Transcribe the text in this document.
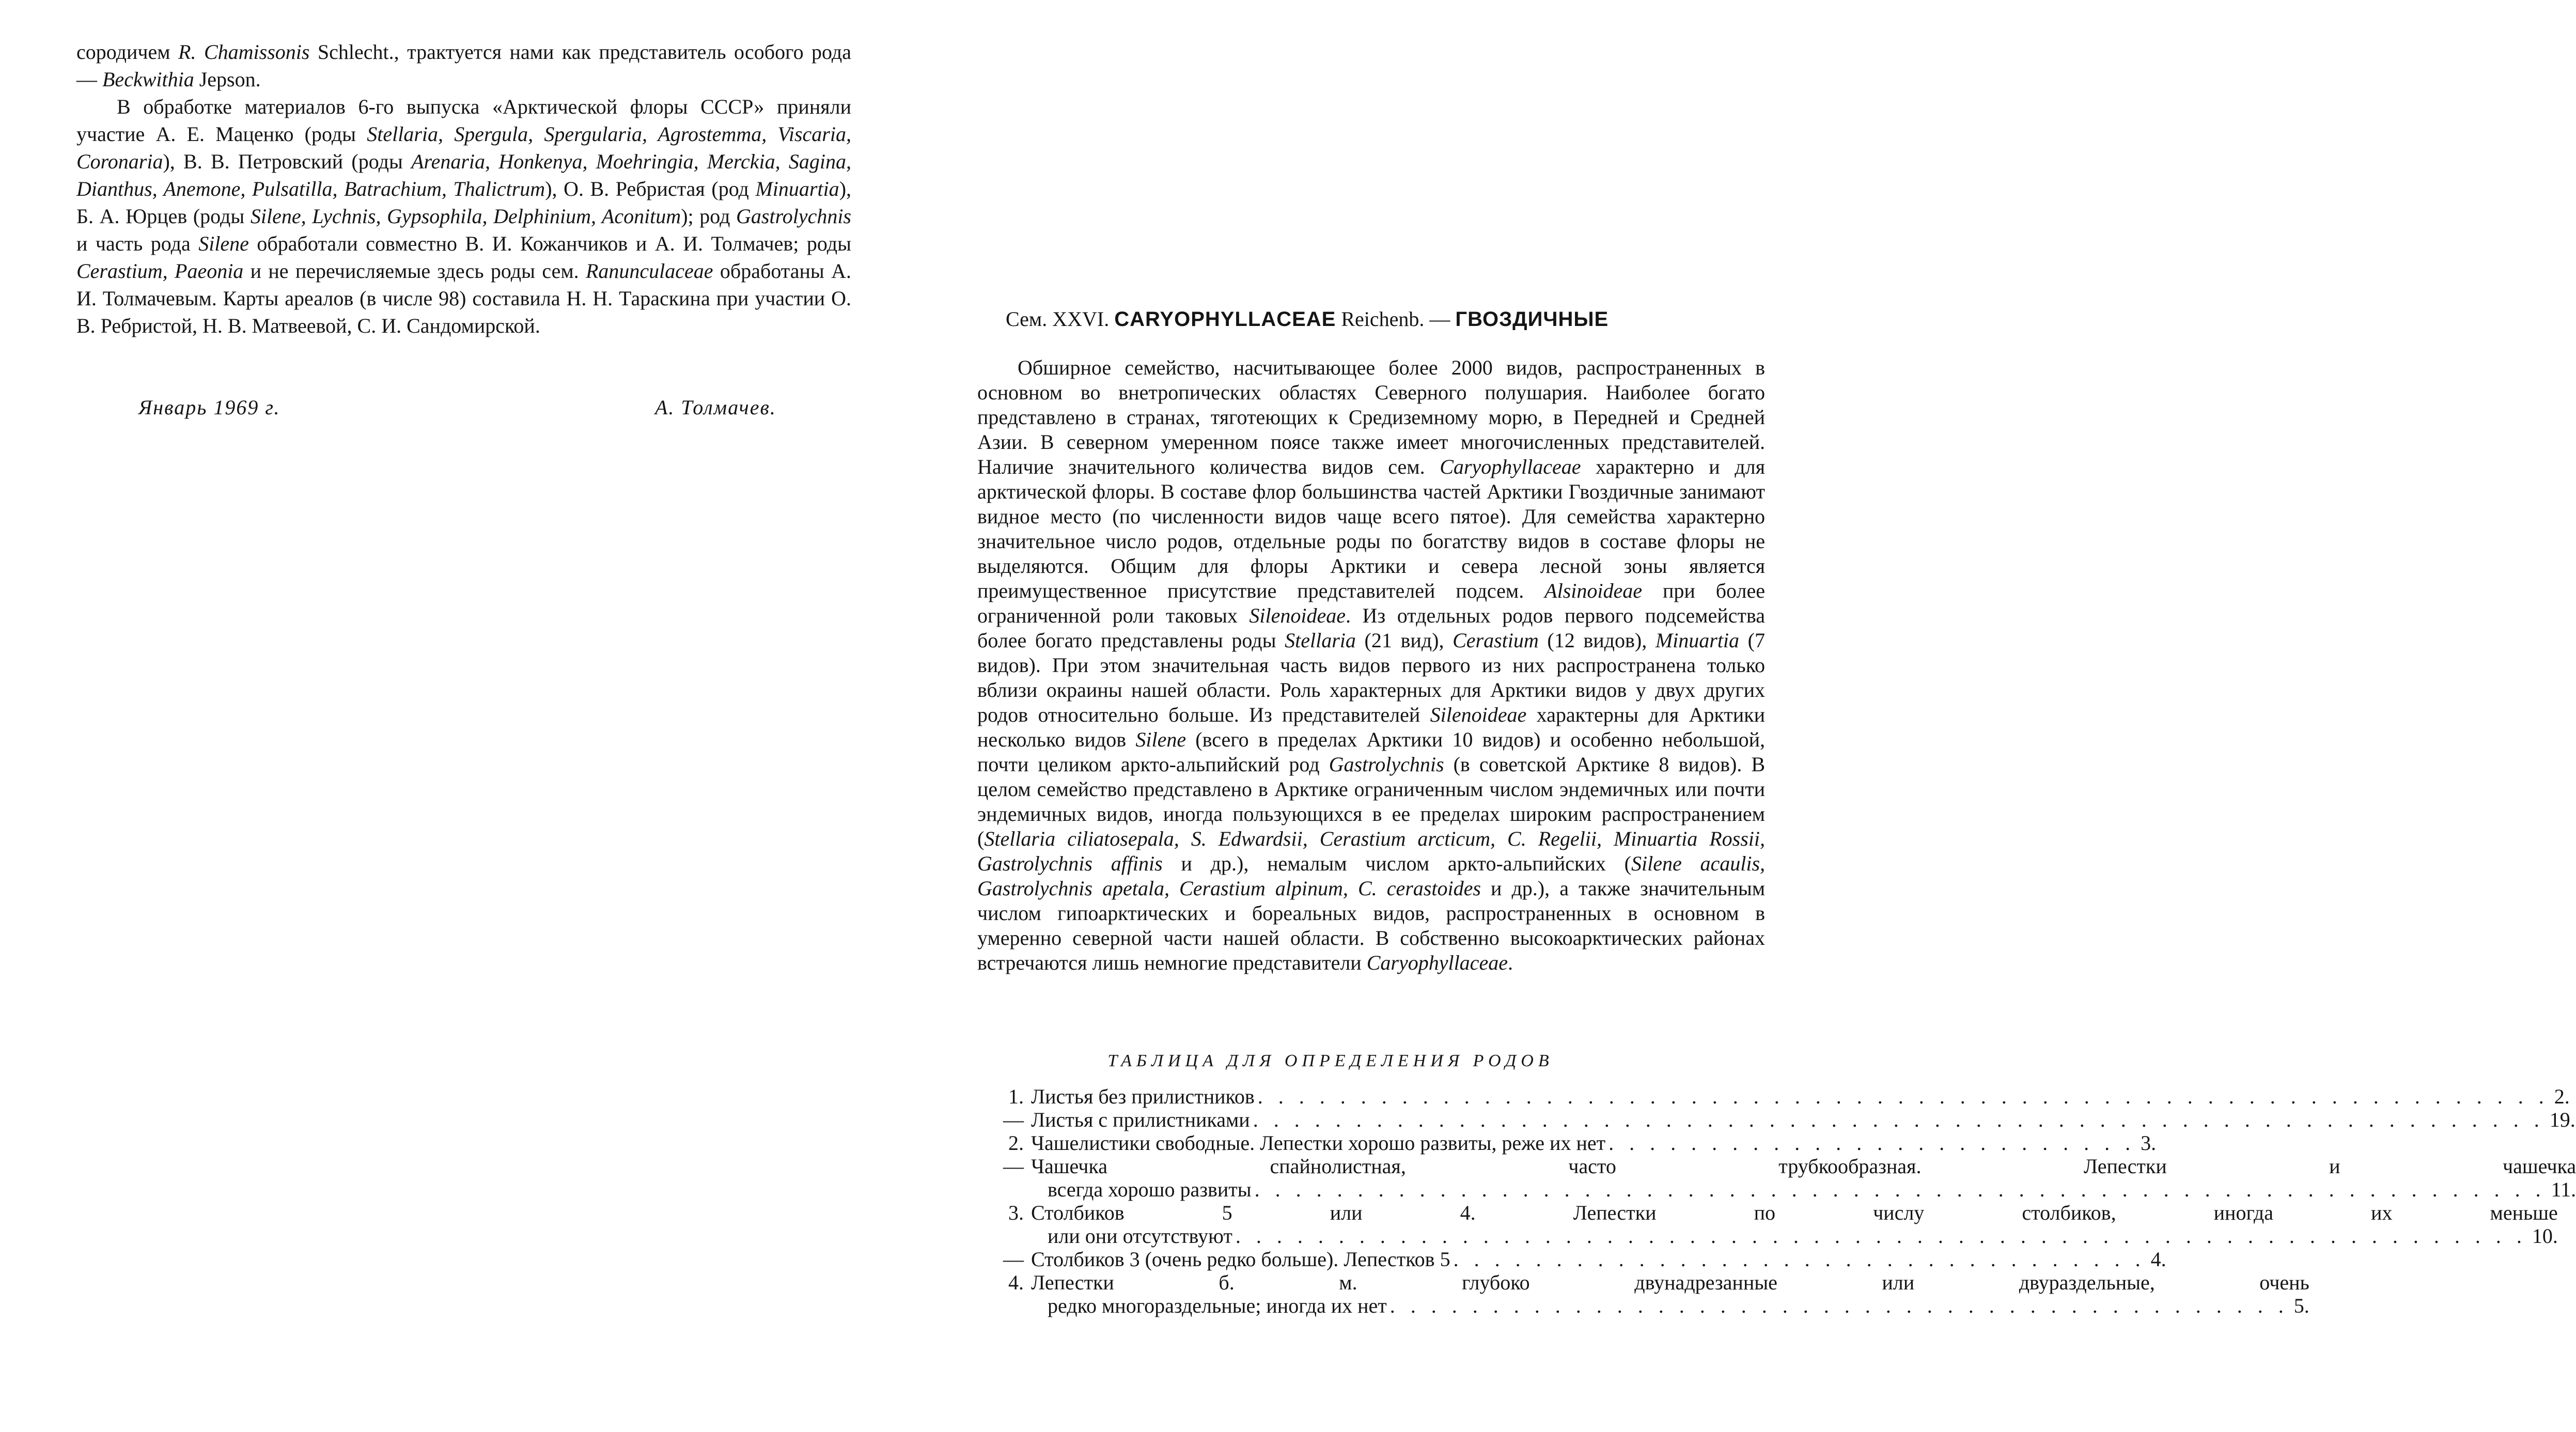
сородичем R. Chamissonis Schlecht., трактуется нами как представитель особого рода — Beckwithia Jepson.

В обработке материалов 6-го выпуска «Арктической флоры СССР» приняли участие А. Е. Маценко (роды Stellaria, Spergula, Spergularia, Agrostemma, Viscaria, Coronaria), В. В. Петровский (роды Arenaria, Honkenya, Moehringia, Merckia, Sagina, Dianthus, Anemone, Pulsatilla, Batrachium, Thalictrum), О. В. Ребристая (род Minuartia), Б. А. Юрцев (роды Silene, Lychnis, Gypsophila, Delphinium, Aconitum); род Gastrolychnis и часть рода Silene обработали совместно В. И. Кожанчиков и А. И. Толмачев; роды Cerastium, Paeonia и не перечисляемые здесь роды сем. Ranunculaceae обработаны А. И. Толмачевым. Карты ареалов (в числе 98) составила Н. Н. Тараскина при участии О. В. Ребристой, Н. В. Матвеевой, С. И. Сандомирской.

Январь 1969 г.	А. Толмачев.
Сем. XXVI. CARYOPHYLLACEAE Reichenb. — ГВОЗДИЧНЫЕ

Обширное семейство, насчитывающее более 2000 видов, распространенных в основном во внетропических областях Северного полушария. Наиболее богато представлено в странах, тяготеющих к Средиземному морю, в Передней и Средней Азии. В северном умеренном поясе также имеет многочисленных представителей. Наличие значительного количества видов сем. Caryophyllaceae характерно и для арктической флоры. В составе флор большинства частей Арктики Гвоздичные занимают видное место (по численности видов чаще всего пятое). Для семейства характерно значительное число родов, отдельные роды по богатству видов в составе флоры не выделяются. Общим для флоры Арктики и севера лесной зоны является преимущественное присутствие представителей подсем. Alsinoideae при более ограниченной роли таковых Silenoideae. Из отдельных родов первого подсемейства более богато представлены роды Stellaria (21 вид), Cerastium (12 видов), Minuartia (7 видов). При этом значительная часть видов первого из них распространена только вблизи окраины нашей области. Роль характерных для Арктики видов у двух других родов относительно больше. Из представителей Silenoideae характерны для Арктики несколько видов Silene (всего в пределах Арктики 10 видов) и особенно небольшой, почти целиком аркто-альпийский род Gastrolychnis (в советской Арктике 8 видов). В целом семейство представлено в Арктике ограниченным числом эндемичных или почти эндемичных видов, иногда пользующихся в ее пределах широким распространением (Stellaria ciliatosepala, S. Edwardsii, Cerastium arcticum, C. Regelii, Minuartia Rossii, Gastrolychnis affinis и др.), немалым числом аркто-альпийских (Silene acaulis, Gastrolychnis apetala, Cerastium alpinum, C. cerastoides и др.), а также значительным числом гипоарктических и бореальных видов, распространенных в основном в умеренно северной части нашей области. В собственно высокоарктических районах встречаются лишь немногие представители Caryophyllaceae.

ТАБЛИЦА ДЛЯ ОПРЕДЕЛЕНИЯ РОДОВ
1. Листья без прилистников . . . . . . . . . . . . . . . . . . . . . . . . . . . . . . . . . . . . . . . . . . . . . . . . . . . . . . . . . . . . . . . 2.
— Листья с прилистниками . . . . . . . . . . . . . . . . . . . . . . . . . . . . . . . . . . . . . . . . . . . . . . . . . . . . . . . . . . . . . . . 19.
2. Чашелистики свободные. Лепестки хорошо развиты, реже их нет . . . . . . . . . . . . . . . . . . . . . . . . . . 3.
— Чашечка спайнолистная, часто трубкообразная. Лепестки и чашечка
всегда хорошо развиты . . . . . . . . . . . . . . . . . . . . . . . . . . . . . . . . . . . . . . . . . . . . . . . . . . . . . . . . . . . . . . . 11.
3. Столбиков 5 или 4. Лепестки по числу столбиков, иногда их меньше
или они отсутствуют . . . . . . . . . . . . . . . . . . . . . . . . . . . . . . . . . . . . . . . . . . . . . . . . . . . . . . . . . . . . . . . 10.
— Столбиков 3 (очень редко больше). Лепестков 5 . . . . . . . . . . . . . . . . . . . . . . . . . . . . . . . . . . 4.
4. Лепестки б. м. глубоко двунадрезанные или двураздельные, очень
редко многораздельные; иногда их нет . . . . . . . . . . . . . . . . . . . . . . . . . . . . . . . . . . . . . . . . . . . . 5.
